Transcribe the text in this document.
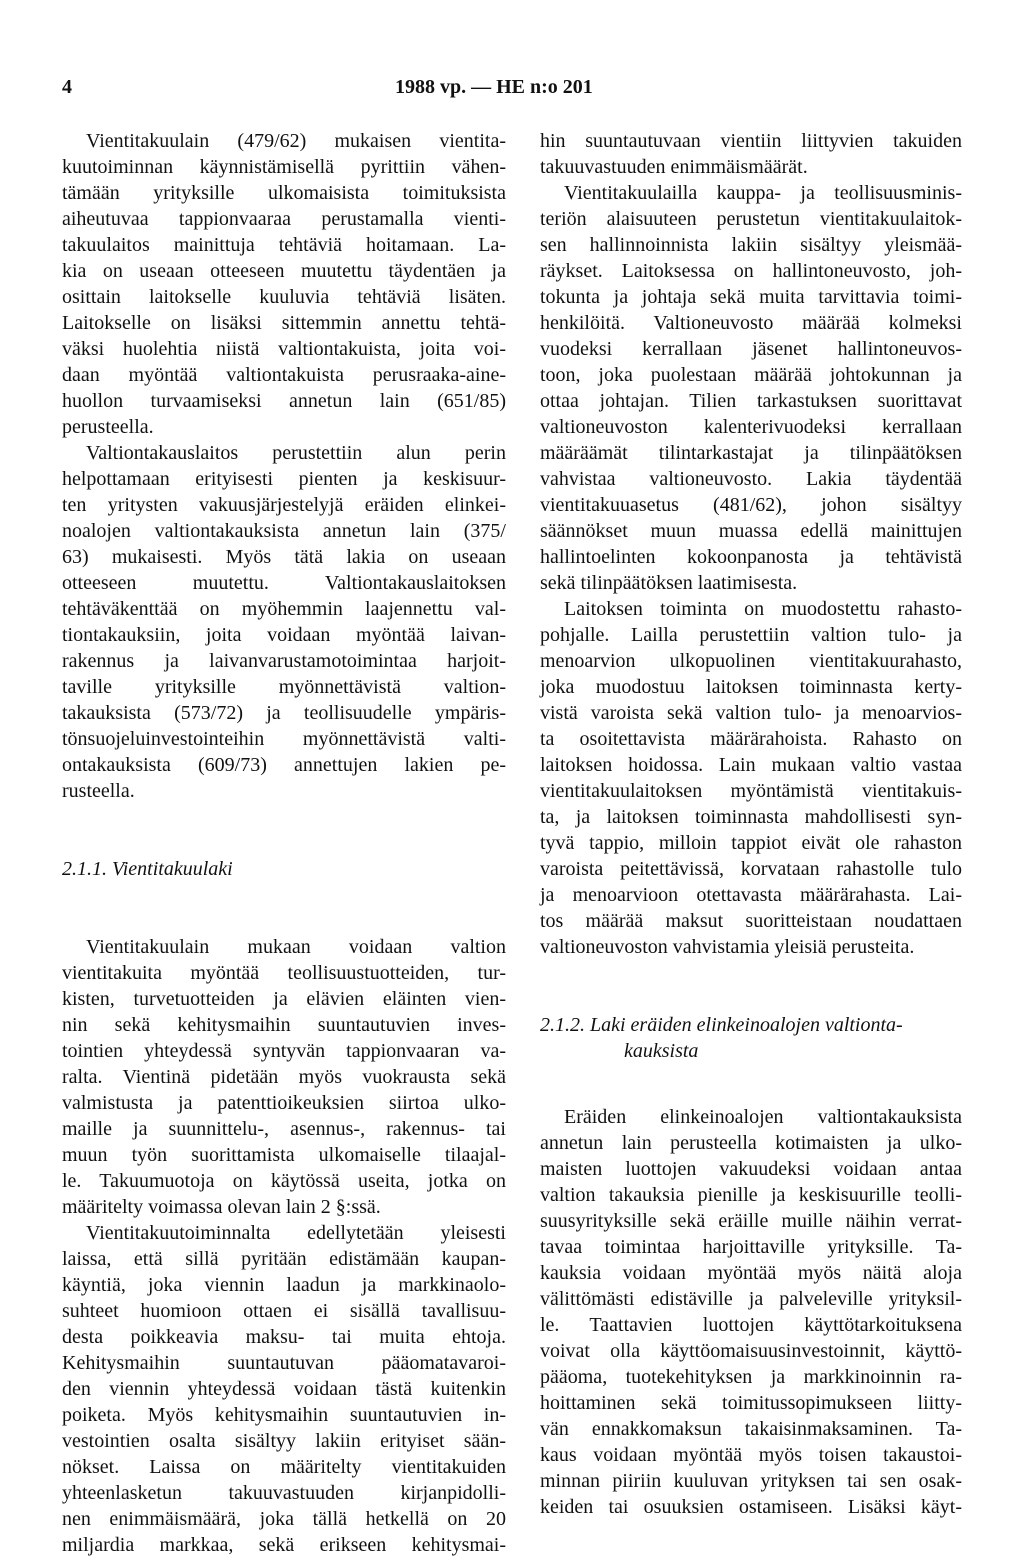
4	1988 vp. — HE n:o 201
Vientitakuulain (479/62) mukaisen vientita-
kuutoiminnan käynnistämisellä pyrittiin vähen-
tämään yrityksille ulkomaisista toimituksista
aiheutuvaa tappionvaaraa perustamalla vienti-
takuulaitos mainittuja tehtäviä hoitamaan. La-
kia on useaan otteeseen muutettu täydentäen ja
osittain laitokselle kuuluvia tehtäviä lisäten.
Laitokselle on lisäksi sittemmin annettu tehtä-
väksi huolehtia niistä valtiontakuista, joita voi-
daan myöntää valtiontakuista perusraaka-aine-
huollon turvaamiseksi annetun lain (651/85)
perusteella.
Valtiontakauslaitos perustettiin alun perin
helpottamaan erityisesti pienten ja keskisuur-
ten yritysten vakuusjärjestelyjä eräiden elinkei-
noalojen valtiontakauksista annetun lain (375/
63) mukaisesti. Myös tätä lakia on useaan
otteeseen muutettu. Valtiontakauslaitoksen
tehtäväkenttää on myöhemmin laajennettu val-
tiontakauksiin, joita voidaan myöntää laivan-
rakennus ja laivanvarustamotoimintaa harjoit-
taville yrityksille myönnettävistä valtion-
takauksista (573/72) ja teollisuudelle ympäris-
tönsuojeluinvestointeihin myönnettävistä valti-
ontakauksista (609/73) annettujen lakien pe-
rusteella.
2.1.1. Vientitakuulaki
Vientitakuulain mukaan voidaan valtion
vientitakuita myöntää teollisuustuotteiden, tur-
kisten, turvetuotteiden ja elävien eläinten vien-
nin sekä kehitysmaihin suuntautuvien inves-
tointien yhteydessä syntyvän tappionvaaran va-
ralta. Vientinä pidetään myös vuokrausta sekä
valmistusta ja patenttioikeuksien siirtoa ulko-
maille ja suunnittelu-, asennus-, rakennus- tai
muun työn suorittamista ulkomaiselle tilaajal-
le. Takuumuotoja on käytössä useita, jotka on
määritelty voimassa olevan lain 2 §:ssä.
Vientitakuutoiminnalta edellytetään yleisesti
laissa, että sillä pyritään edistämään kaupan-
käyntiä, joka viennin laadun ja markkinaolo-
suhteet huomioon ottaen ei sisällä tavallisuu-
desta poikkeavia maksu- tai muita ehtoja.
Kehitysmaihin suuntautuvan pääomatavaroi-
den viennin yhteydessä voidaan tästä kuitenkin
poiketa. Myös kehitysmaihin suuntautuvien in-
vestointien osalta sisältyy lakiin erityiset sään-
nökset. Laissa on määritelty vientitakuiden
yhteenlasketun takuuvastuuden kirjanpidolli-
nen enimmäismäärä, joka tällä hetkellä on 20
miljardia markkaa, sekä erikseen kehitysmai-
hin suuntautuvaan vientiin liittyvien takuiden
takuuvastuuden enimmäismäärät.
Vientitakuulailla kauppa- ja teollisuusminis-
teriön alaisuuteen perustetun vientitakuulaitok-
sen hallinnoinnista lakiin sisältyy yleismää-
räykset. Laitoksessa on hallintoneuvosto, joh-
tokunta ja johtaja sekä muita tarvittavia toimi-
henkilöitä. Valtioneuvosto määrää kolmeksi
vuodeksi kerrallaan jäsenet hallintoneuvos-
toon, joka puolestaan määrää johtokunnan ja
ottaa johtajan. Tilien tarkastuksen suorittavat
valtioneuvoston kalenterivuodeksi kerrallaan
määräämät tilintarkastajat ja tilinpäätöksen
vahvistaa valtioneuvosto. Lakia täydentää
vientitakuuasetus (481/62), johon sisältyy
säännökset muun muassa edellä mainittujen
hallintoelinten kokoonpanosta ja tehtävistä
sekä tilinpäätöksen laatimisesta.
Laitoksen toiminta on muodostettu rahasto-
pohjalle. Lailla perustettiin valtion tulo- ja
menoarvion ulkopuolinen vientitakuurahasto,
joka muodostuu laitoksen toiminnasta kerty-
vistä varoista sekä valtion tulo- ja menoarvios-
ta osoitettavista määrärahoista. Rahasto on
laitoksen hoidossa. Lain mukaan valtio vastaa
vientitakuulaitoksen myöntämistä vientitakuis-
ta, ja laitoksen toiminnasta mahdollisesti syn-
tyvä tappio, milloin tappiot eivät ole rahaston
varoista peitettävissä, korvataan rahastolle tulo
ja menoarvioon otettavasta määrärahasta. Lai-
tos määrää maksut suoritteistaan noudattaen
valtioneuvoston vahvistamia yleisiä perusteita.
2.1.2. Laki eräiden elinkeinoalojen valtionta-
kauksista
Eräiden elinkeinoalojen valtiontakauksista
annetun lain perusteella kotimaisten ja ulko-
maisten luottojen vakuudeksi voidaan antaa
valtion takauksia pienille ja keskisuurille teolli-
suusyrityksille sekä eräille muille näihin verrat-
tavaa toimintaa harjoittaville yrityksille. Ta-
kauksia voidaan myöntää myös näitä aloja
välittömästi edistäville ja palveleville yrityksil-
le. Taattavien luottojen käyttötarkoituksena
voivat olla käyttöomaisuusinvestoinnit, käyttö-
pääoma, tuotekehityksen ja markkinoinnin ra-
hoittaminen sekä toimitussopimukseen liitty-
vän ennakkomaksun takaisinmaksaminen. Ta-
kaus voidaan myöntää myös toisen takaustoi-
minnan piiriin kuuluvan yrityksen tai sen osak-
keiden tai osuuksien ostamiseen. Lisäksi käyt-
